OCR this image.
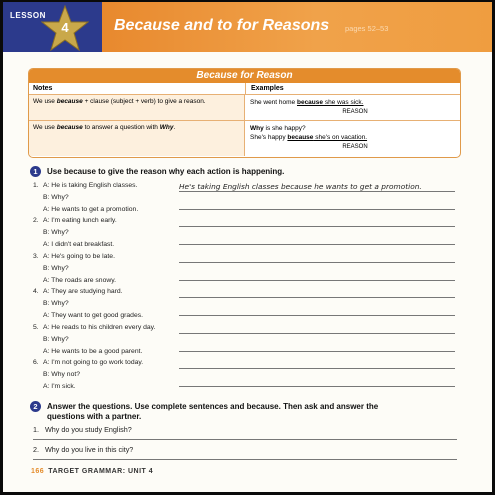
LESSON
4	Because and to for Reasons pages 52–53
Because for Reason
Notes	Examples
We use because + clause (subject + verb) to give a reason.	She went home because she was sick.
REASON
We use because to answer a question with Why.	Why is she happy?
She's happy because she's on vacation.
REASON
1	Use because to give the reason why each action is happening.
1. A: He is taking English classes.
B: Why?
A: He wants to get a promotion.
He's taking English classes because he wants to get a promotion.
2. A: I'm eating lunch early.
B: Why?
A: I didn't eat breakfast.
3. A: He's going to be late.
B: Why?
A: The roads are snowy.
4. A: They are studying hard.
B: Why?
A: They want to get good grades.
5. A: He reads to his children every day.
B: Why?
A: He wants to be a good parent.
6. A: I'm not going to go work today.
B: Why not?
A: I'm sick.
2	Answer the questions. Use complete sentences and because. Then ask and answer the
questions with a partner.
1. Why do you study English?
2. Why do you live in this city?
166 TARGET GRAMMAR: UNIT 4
